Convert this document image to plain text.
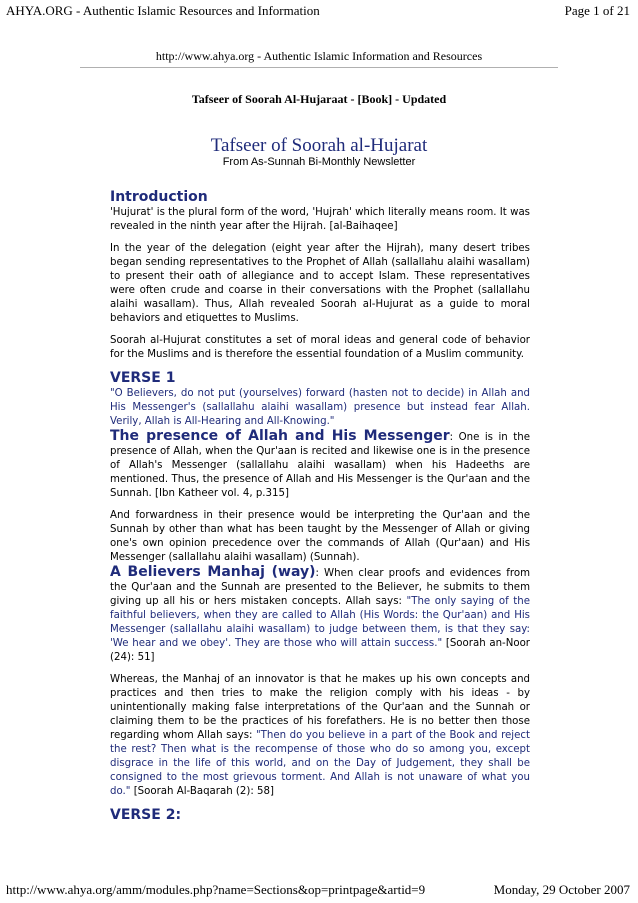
AHYA.ORG - Authentic Islamic Resources and Information	Page 1 of 21
http://www.ahya.org - Authentic Islamic Information and Resources
Tafseer of Soorah Al-Hujaraat - [Book] - Updated
Tafseer of Soorah al-Hujarat
From As-Sunnah Bi-Monthly Newsletter
Introduction

'Hujurat' is the plural form of the word, 'Hujrah' which literally means room. It was revealed in the ninth year after the Hijrah. [al-Baihaqee]

In the year of the delegation (eight year after the Hijrah), many desert tribes began sending representatives to the Prophet of Allah (sallallahu alaihi wasallam) to present their oath of allegiance and to accept Islam. These representatives were often crude and coarse in their conversations with the Prophet (sallallahu alaihi wasallam). Thus, Allah revealed Soorah al-Hujurat as a guide to moral behaviors and etiquettes to Muslims.

Soorah al-Hujurat constitutes a set of moral ideas and general code of behavior for the Muslims and is therefore the essential foundation of a Muslim community.

VERSE 1

"O Believers, do not put (yourselves) forward (hasten not to decide) in Allah and His Messenger's (sallallahu alaihi wasallam) presence but instead fear Allah. Verily, Allah is All-Hearing and All-Knowing."

The presence of Allah and His Messenger: One is in the presence of Allah, when the Qur'aan is recited and likewise one is in the presence of Allah's Messenger (sallallahu alaihi wasallam) when his Hadeeths are mentioned. Thus, the presence of Allah and His Messenger is the Qur'aan and the Sunnah. [Ibn Katheer vol. 4, p.315]

And forwardness in their presence would be interpreting the Qur'aan and the Sunnah by other than what has been taught by the Messenger of Allah or giving one's own opinion precedence over the commands of Allah (Qur'aan) and His Messenger (sallallahu alaihi wasallam) (Sunnah).

A Believers Manhaj (way): When clear proofs and evidences from the Qur'aan and the Sunnah are presented to the Believer, he submits to them giving up all his or hers mistaken concepts. Allah says: "The only saying of the faithful believers, when they are called to Allah (His Words: the Qur'aan) and His Messenger (sallallahu alaihi wasallam) to judge between them, is that they say: 'We hear and we obey'. They are those who will attain success." [Soorah an-Noor (24): 51]

Whereas, the Manhaj of an innovator is that he makes up his own concepts and practices and then tries to make the religion comply with his ideas - by unintentionally making false interpretations of the Qur'aan and the Sunnah or claiming them to be the practices of his forefathers. He is no better then those regarding whom Allah says: "Then do you believe in a part of the Book and reject the rest? Then what is the recompense of those who do so among you, except disgrace in the life of this world, and on the Day of Judgement, they shall be consigned to the most grievous torment. And Allah is not unaware of what you do." [Soorah Al-Baqarah (2): 58]

VERSE 2:
http://www.ahya.org/amm/modules.php?name=Sections&op=printpage&artid=9	Monday, 29 October 2007
